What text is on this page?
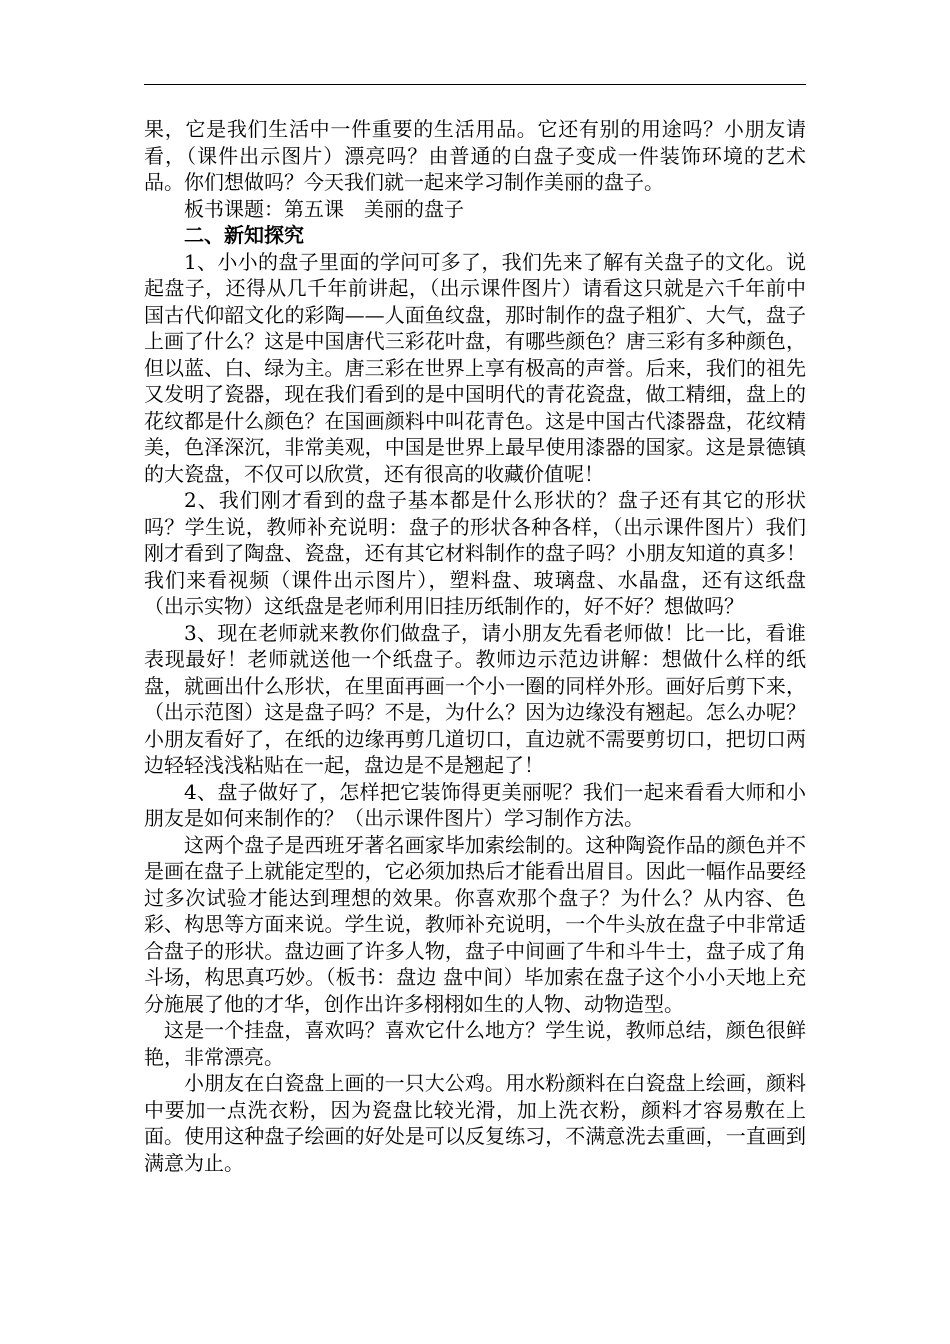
果，它是我们生活中一件重要的生活用品。它还有别的用途吗？小朋友请看，（课件出示图片）漂亮吗？由普通的白盘子变成一件装饰环境的艺术品。你们想做吗？今天我们就一起来学习制作美丽的盘子。

板书课题：第五课　美丽的盘子

二、新知探究

1、小小的盘子里面的学问可多了，我们先来了解有关盘子的文化。说起盘子，还得从几千年前讲起，（出示课件图片）请看这只就是六千年前中国古代仰韶文化的彩陶——人面鱼纹盘，那时制作的盘子粗犷、大气，盘子上画了什么？这是中国唐代三彩花叶盘，有哪些颜色？唐三彩有多种颜色，但以蓝、白、绿为主。唐三彩在世界上享有极高的声誉。后来，我们的祖先又发明了瓷器，现在我们看到的是中国明代的青花瓷盘，做工精细，盘上的花纹都是什么颜色？在国画颜料中叫花青色。这是中国古代漆器盘，花纹精美，色泽深沉，非常美观，中国是世界上最早使用漆器的国家。这是景德镇的大瓷盘，不仅可以欣赏，还有很高的收藏价值呢！

2、我们刚才看到的盘子基本都是什么形状的？盘子还有其它的形状吗？学生说，教师补充说明：盘子的形状各种各样，（出示课件图片）我们刚才看到了陶盘、瓷盘，还有其它材料制作的盘子吗？小朋友知道的真多！我们来看视频（课件出示图片），塑料盘、玻璃盘、水晶盘，还有这纸盘（出示实物）这纸盘是老师利用旧挂历纸制作的，好不好？想做吗？

3、现在老师就来教你们做盘子，请小朋友先看老师做！比一比，看谁表现最好！老师就送他一个纸盘子。教师边示范边讲解：想做什么样的纸盘，就画出什么形状，在里面再画一个小一圈的同样外形。画好后剪下来，（出示范图）这是盘子吗？不是，为什么？因为边缘没有翘起。怎么办呢？小朋友看好了，在纸的边缘再剪几道切口，直边就不需要剪切口，把切口两边轻轻浅浅粘贴在一起，盘边是不是翘起了！

4、盘子做好了，怎样把它装饰得更美丽呢？我们一起来看看大师和小朋友是如何来制作的？（出示课件图片）学习制作方法。

这两个盘子是西班牙著名画家毕加索绘制的。这种陶瓷作品的颜色并不是画在盘子上就能定型的，它必须加热后才能看出眉目。因此一幅作品要经过多次试验才能达到理想的效果。你喜欢那个盘子？为什么？从内容、色彩、构思等方面来说。学生说，教师补充说明，一个牛头放在盘子中非常适合盘子的形状。盘边画了许多人物，盘子中间画了牛和斗牛士，盘子成了角斗场，构思真巧妙。（板书：盘边 盘中间）毕加索在盘子这个小小天地上充分施展了他的才华，创作出许多栩栩如生的人物、动物造型。

这是一个挂盘，喜欢吗？喜欢它什么地方？学生说，教师总结，颜色很鲜艳，非常漂亮。

小朋友在白瓷盘上画的一只大公鸡。用水粉颜料在白瓷盘上绘画，颜料中要加一点洗衣粉，因为瓷盘比较光滑，加上洗衣粉，颜料才容易敷在上面。使用这种盘子绘画的好处是可以反复练习，不满意洗去重画，一直画到满意为止。
